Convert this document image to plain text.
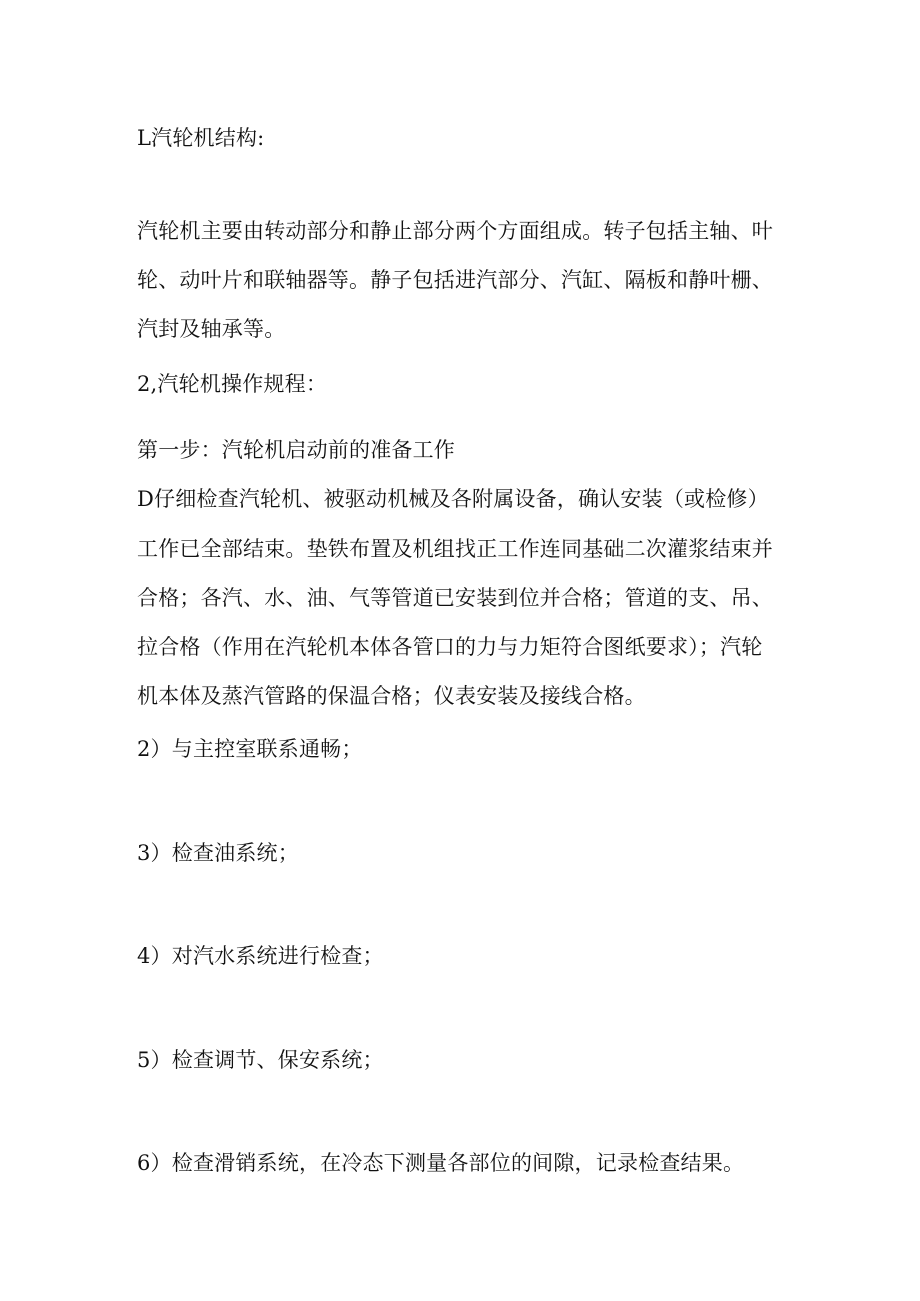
L汽轮机结构:
汽轮机主要由转动部分和静止部分两个方面组成。转子包括主轴、叶
轮、动叶片和联轴器等。静子包括进汽部分、汽缸、隔板和静叶栅、
汽封及轴承等。
2,汽轮机操作规程：
第一步：汽轮机启动前的准备工作
D仔细检查汽轮机、被驱动机械及各附属设备，确认安装（或检修）
工作已全部结束。垫铁布置及机组找正工作连同基础二次灌浆结束并
合格；各汽、水、油、气等管道已安装到位并合格；管道的支、吊、
拉合格（作用在汽轮机本体各管口的力与力矩符合图纸要求）；汽轮
机本体及蒸汽管路的保温合格；仪表安装及接线合格。
2）与主控室联系通畅；
3）检查油系统；
4）对汽水系统进行检查；
5）检查调节、保安系统；
6）检查滑销系统，在冷态下测量各部位的间隙，记录检查结果。
